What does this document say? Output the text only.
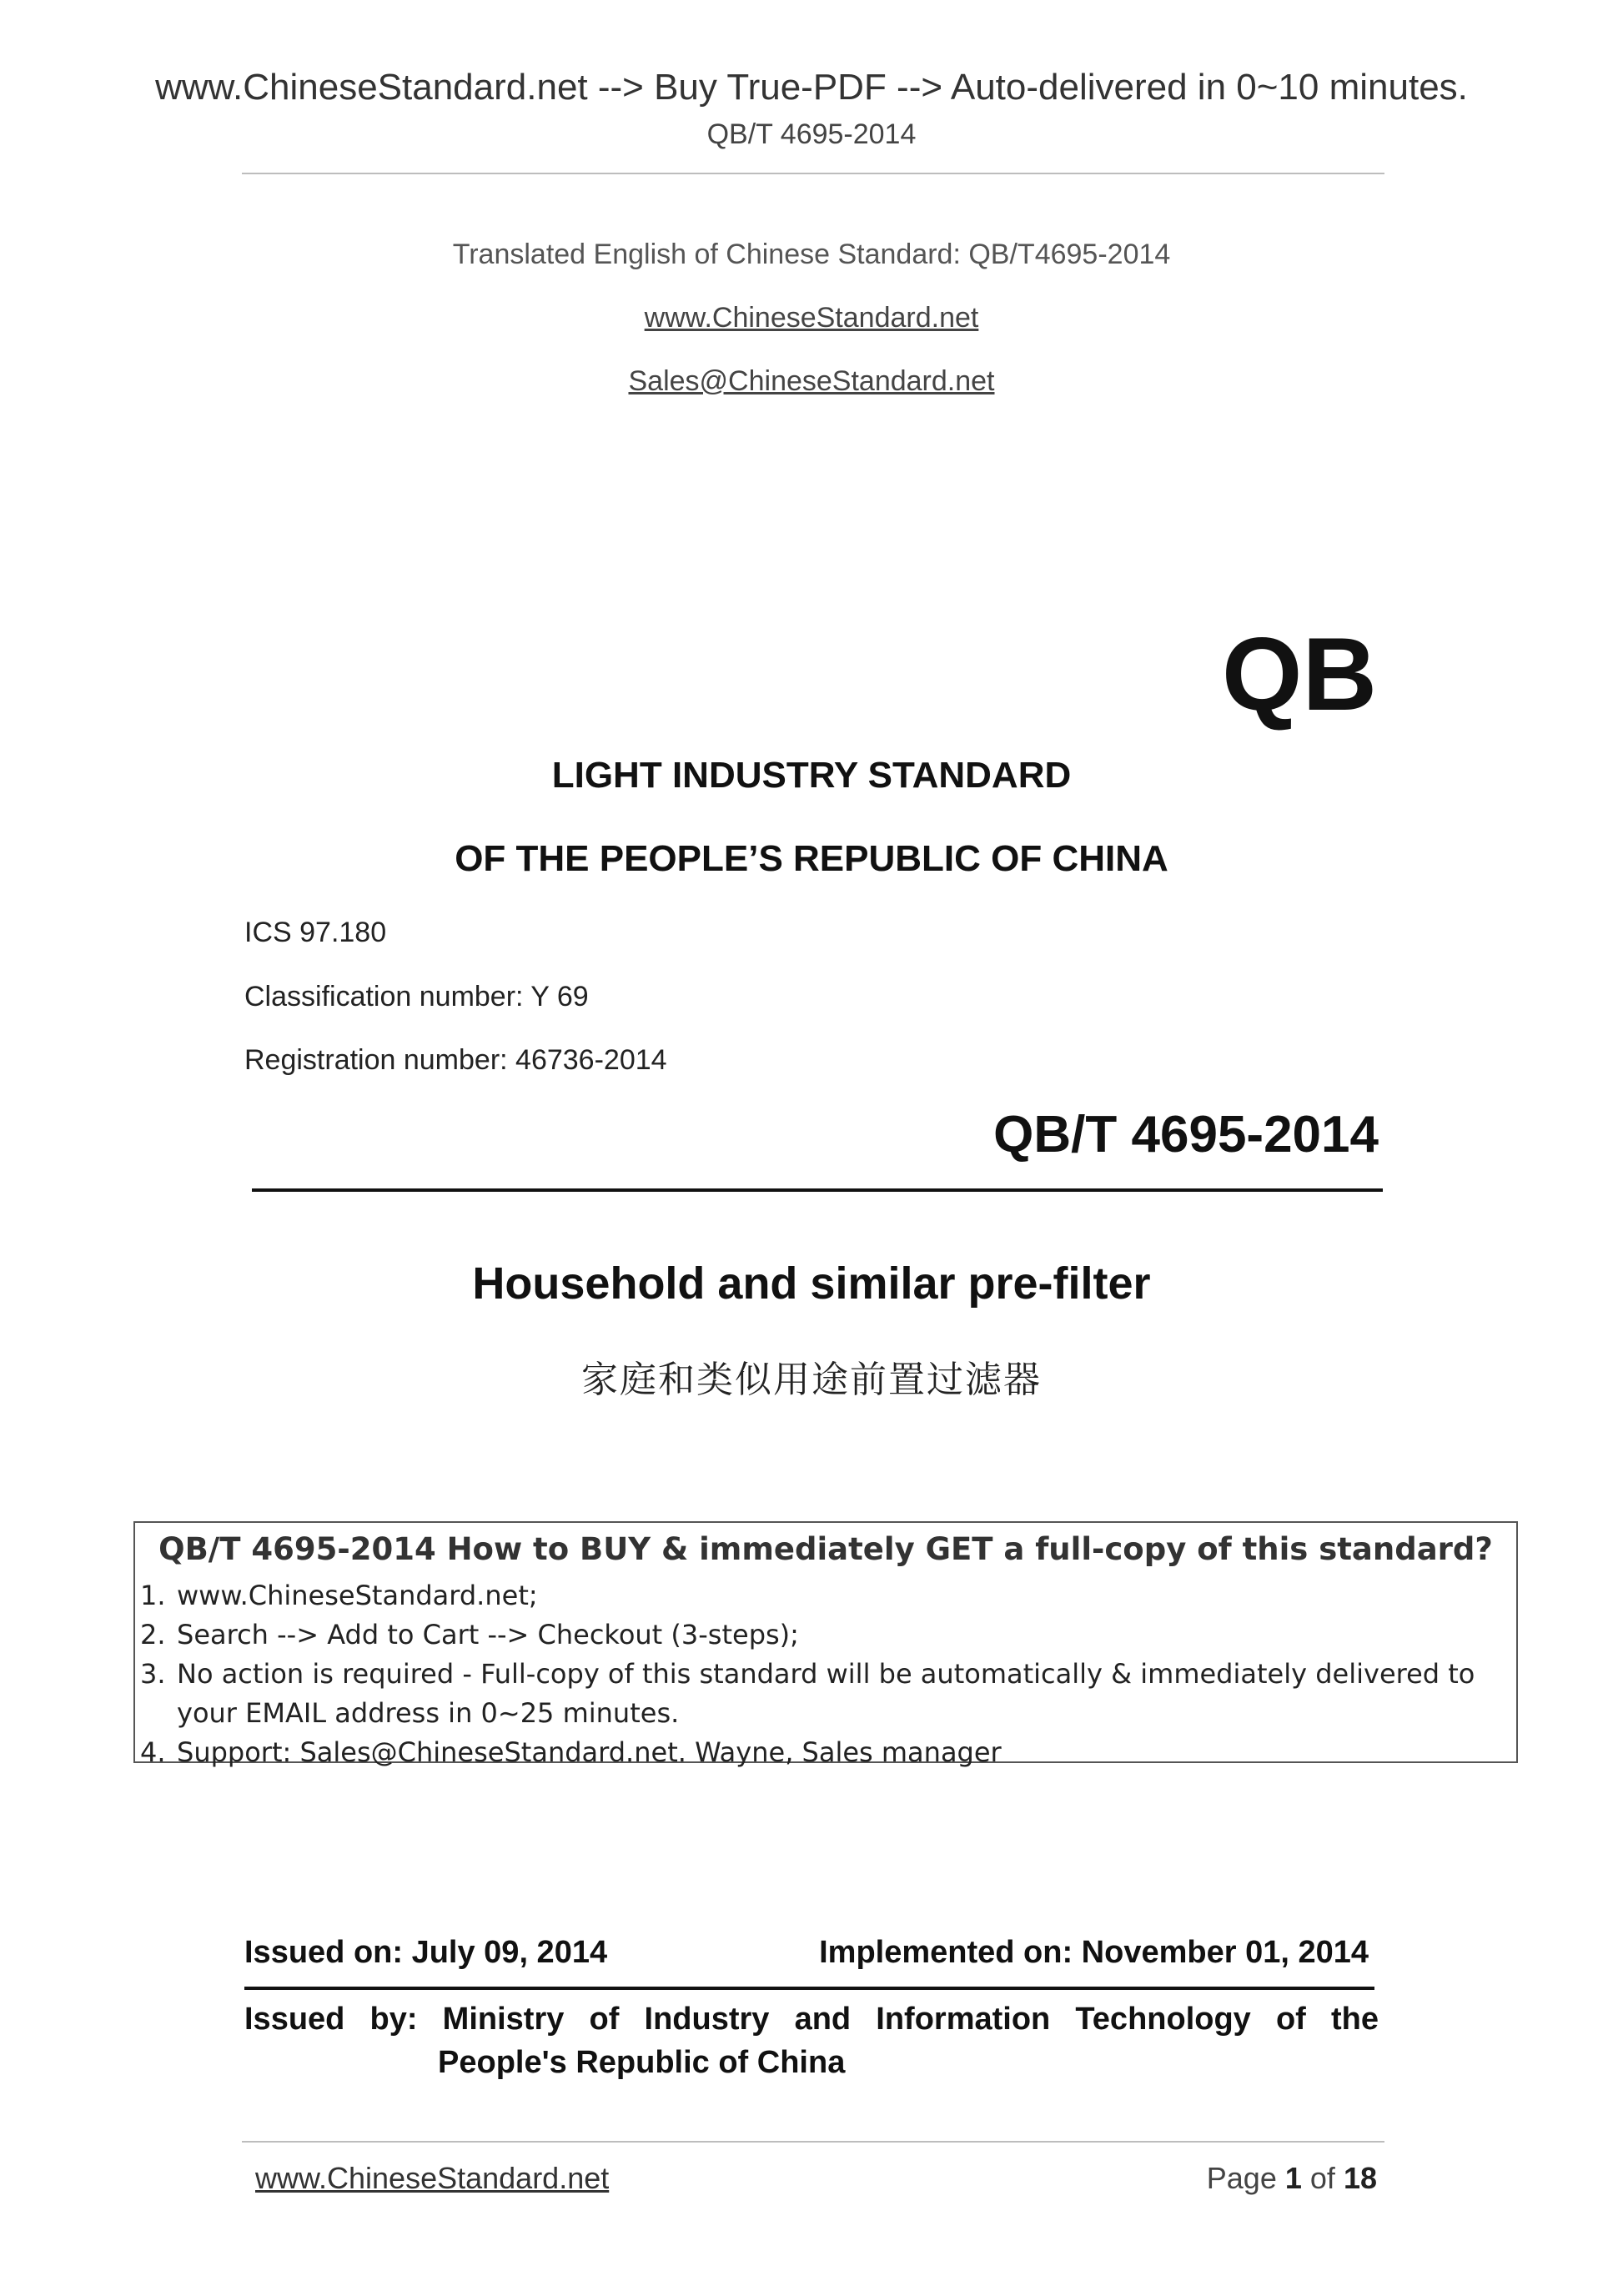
www.ChineseStandard.net --> Buy True-PDF --> Auto-delivered in 0~10 minutes.
QB/T 4695-2014
Translated English of Chinese Standard: QB/T4695-2014
www.ChineseStandard.net
Sales@ChineseStandard.net
QB
LIGHT INDUSTRY STANDARD
OF THE PEOPLE’S REPUBLIC OF CHINA
ICS 97.180
Classification number: Y 69
Registration number: 46736-2014
QB/T 4695-2014
Household and similar pre-filter
家庭和类似用途前置过滤器
QB/T 4695-2014 How to BUY & immediately GET a full-copy of this standard?
1. www.ChineseStandard.net;
2. Search --> Add to Cart --> Checkout (3-steps);
3. No action is required - Full-copy of this standard will be automatically & immediately delivered to your EMAIL address in 0~25 minutes.
4. Support: Sales@ChineseStandard.net. Wayne, Sales manager
Issued on: July 09, 2014	Implemented on: November 01, 2014
Issued by: Ministry of Industry and Information Technology of the
People's Republic of China
www.ChineseStandard.net	Page 1 of 18
